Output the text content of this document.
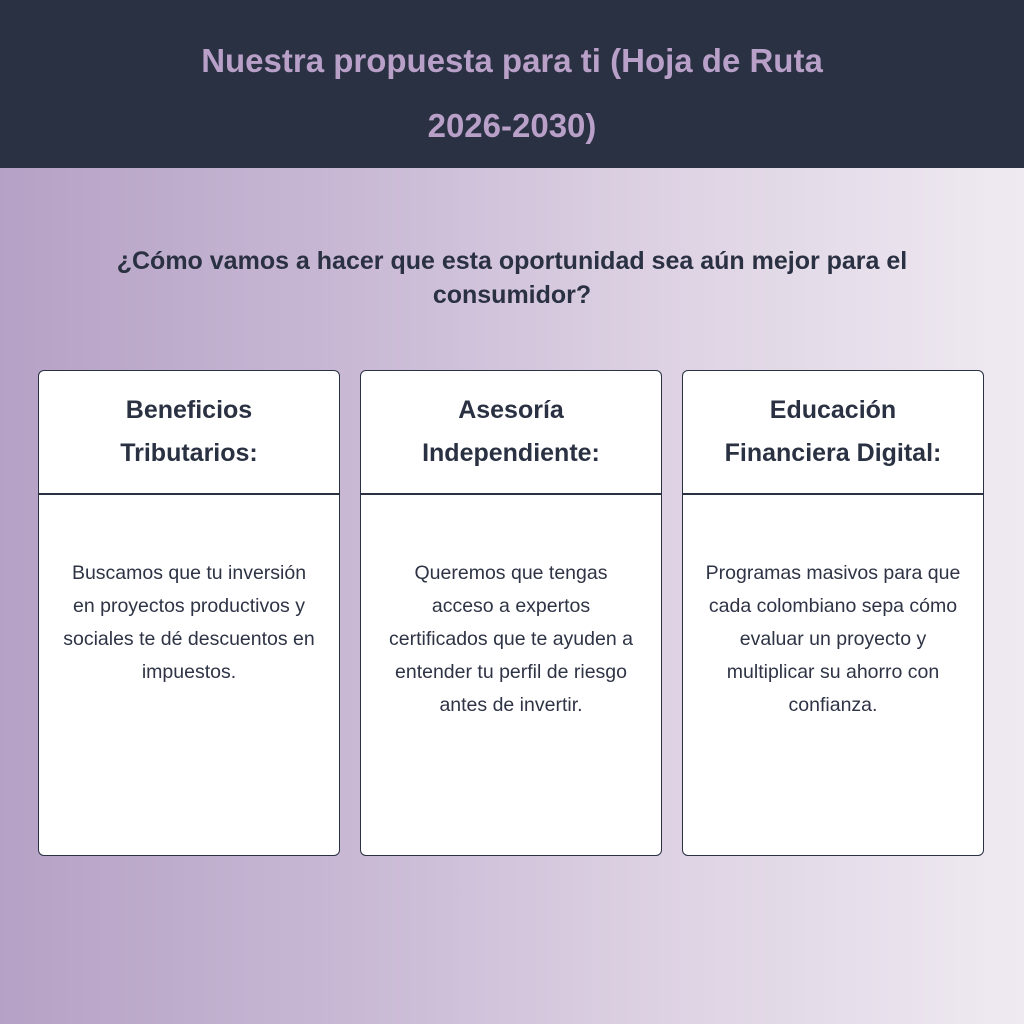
Nuestra propuesta para ti (Hoja de Ruta 2026-2030)
¿Cómo vamos a hacer que esta oportunidad sea aún mejor para el consumidor?
Beneficios Tributarios:

Buscamos que tu inversión en proyectos productivos y sociales te dé descuentos en impuestos.

Asesoría Independiente:

Queremos que tengas acceso a expertos certificados que te ayuden a entender tu perfil de riesgo antes de invertir.

Educación Financiera Digital:

Programas masivos para que cada colombiano sepa cómo evaluar un proyecto y multiplicar su ahorro con confianza.
